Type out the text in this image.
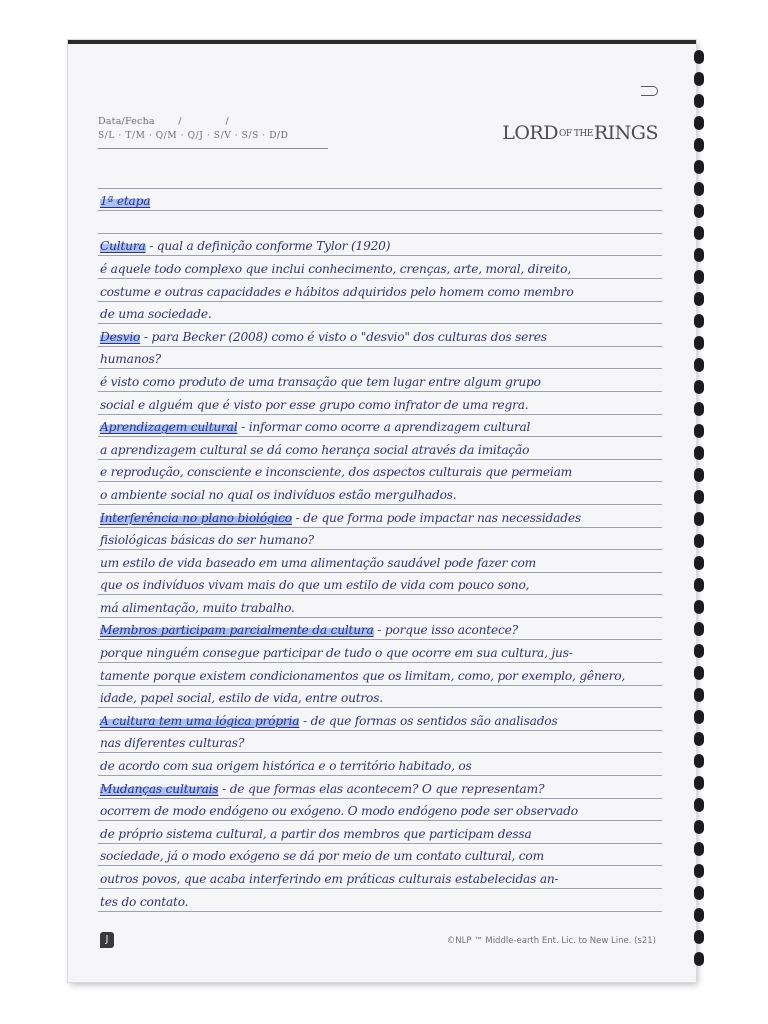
Data/Fecha /	/
S/L · T/M · Q/M · Q/J · S/V · S/S · D/D	LORDOF THERINGS
1ª etapa
Cultura - qual a definição conforme Tylor (1920)
é aquele todo complexo que inclui conhecimento, crenças, arte, moral, direito,
costume e outras capacidades e hábitos adquiridos pelo homem como membro
de uma sociedade.
Desvio - para Becker (2008) como é visto o "desvio" dos culturas dos seres
humanos?
é visto como produto de uma transação que tem lugar entre algum grupo
social e alguém que é visto por esse grupo como infrator de uma regra.
Aprendizagem cultural - informar como ocorre a aprendizagem cultural
a aprendizagem cultural se dá como herança social através da imitação
e reprodução, consciente e inconsciente, dos aspectos culturais que permeiam
o ambiente social no qual os indivíduos estão mergulhados.
Interferência no plano biológico - de que forma pode impactar nas necessidades
fisiológicas básicas do ser humano?
um estilo de vida baseado em uma alimentação saudável pode fazer com
que os indivíduos vivam mais do que um estilo de vida com pouco sono,
má alimentação, muito trabalho.
Membros participam parcialmente da cultura - porque isso acontece?
porque ninguém consegue participar de tudo o que ocorre em sua cultura, jus-
tamente porque existem condicionamentos que os limitam, como, por exemplo, gênero,
idade, papel social, estilo de vida, entre outros.
A cultura tem uma lógica própria - de que formas os sentidos são analisados
nas diferentes culturas?
de acordo com sua origem histórica e o território habitado, os
Mudanças culturais - de que formas elas acontecem? O que representam?
ocorrem de modo endógeno ou exógeno. O modo endógeno pode ser observado
de próprio sistema cultural, a partir dos membros que participam dessa
sociedade, já o modo exógeno se dá por meio de um contato cultural, com
outros povos, que acaba interferindo em práticas culturais estabelecidas an-
tes do contato.
J	©NLP ™ Middle-earth Ent. Lic. to New Line. (s21)
